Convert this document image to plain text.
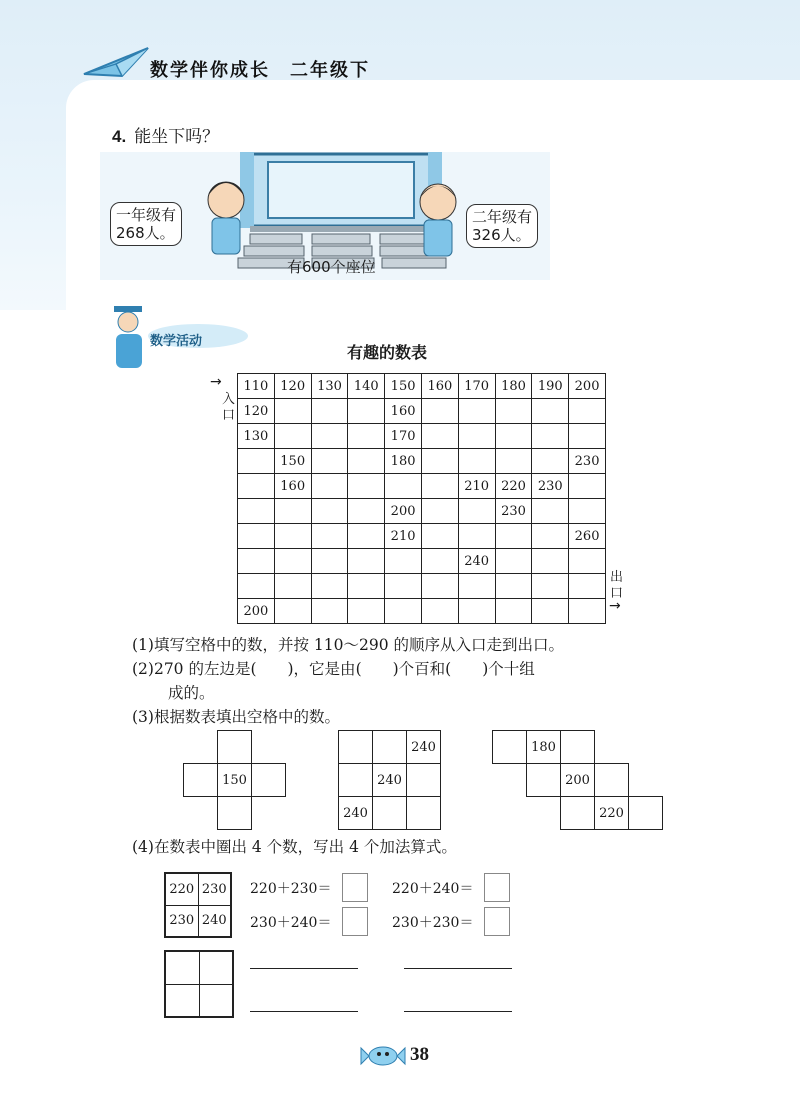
数学伴你成长　二年级下
4. 能坐下吗？
一年级有
268人。
二年级有
326人。
有600个座位
数学活动
有趣的数表
→
入口
出口
→
110	120	130	140	150	160	170	180	190	200
120				160					
130				170					
	150			180					230
	160					210	220	230	
				200			230		
				210					260
						240			

200									
(1)填写空格中的数，并按 110～290 的顺序从入口走到出口。
(2)270 的左边是(　　)，它是由(　　)个百和(　　)个十组
成的。
(3)根据数表填出空格中的数。

	150	

		240
	240	
240		
	180			
		200		
			220	
(4)在数表中圈出 4 个数，写出 4 个加法算式。
220	230
230	240
220＋230＝	220＋240＝
230＋240＝	230＋230＝

38
